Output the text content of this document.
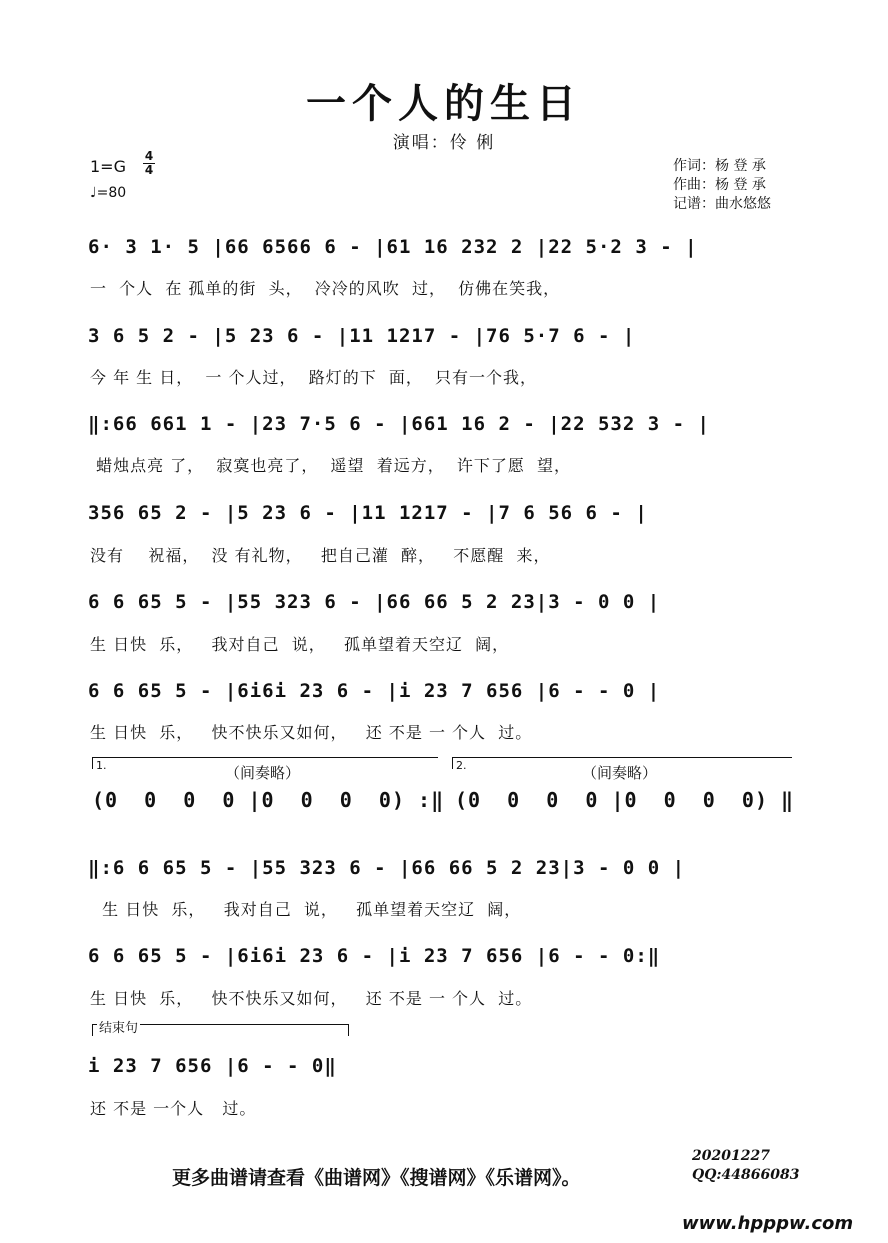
一个人的生日
演唱：伶 俐
1=G
4
4
♩=80
作词：杨 登 承
作曲：杨 登 承
记谱：曲水悠悠
6· 3 1· 5 |66 6566 6 - |61 16 232 2 |22 5·2 3 - |
一  个人  在 孤单的街  头，  冷冷的风吹  过，  仿佛在笑我，
3 6 5 2 - |5 23 6 - |11 1217 - |76 5·7 6 - |
今 年 生 日，  一 个人过，  路灯的下  面，  只有一个我，
‖:66 661 1 - |23 7·5 6 - |661 16 2 - |22 532 3 - |
蜡烛点亮 了，  寂寞也亮了，  遥望  着远方，  许下了愿  望，
356 65 2 - |5 23 6 - |11 1217 - |7 6 56 6 - |
没有    祝福，  没 有礼物，   把自己灌  醉，   不愿醒  来，
6 6 65 5 - |55 323 6 - |66 66 5 2 23|3 - 0 0 |
生 日快  乐，   我对自己  说，   孤单望着天空辽  阔，
6 6 65 5 - |6i6i 23 6 - |i 23 7 656 |6 - - 0 |
生 日快  乐，   快不快乐又如何，   还 不是 一 个人  过。
1.	2.
（间奏略）	（间奏略）
(0  0  0  0 |0  0  0  0) :‖ (0  0  0  0 |0  0  0  0) ‖
‖:6 6 65 5 - |55 323 6 - |66 66 5 2 23|3 - 0 0 |
生 日快  乐，   我对自己  说，   孤单望着天空辽  阔，
6 6 65 5 - |6i6i 23 6 - |i 23 7 656 |6 - - 0:‖
生 日快  乐，   快不快乐又如何，   还 不是 一 个人  过。
结束句
i 23 7 656 |6 - - 0‖
还 不是 一个人   过。
更多曲谱请查看《曲谱网》《搜谱网》《乐谱网》。
20201227
QQ:44866083
www.hpppw.com
